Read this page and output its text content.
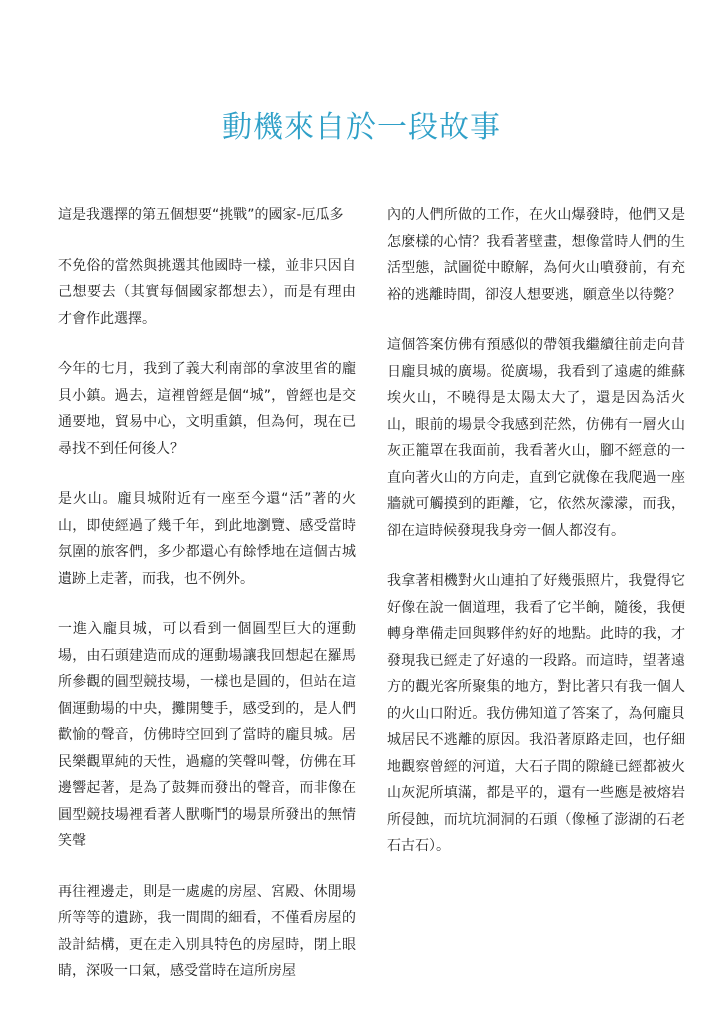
動機來自於一段故事

這是我選擇的第五個想要“挑戰”的國家-厄瓜多

不免俗的當然與挑選其他國時一樣，並非只因自己想要去（其實每個國家都想去），而是有理由才會作此選擇。

今年的七月，我到了義大利南部的拿波里省的龐貝小鎮。過去，這裡曾經是個“城”，曾經也是交通要地，貿易中心，文明重鎮，但為何，現在已尋找不到任何後人？

是火山。龐貝城附近有一座至今還“活”著的火山，即使經過了幾千年，到此地瀏覽、感受當時氛圍的旅客們，多少都還心有餘悸地在這個古城遺跡上走著，而我，也不例外。

一進入龐貝城，可以看到一個圓型巨大的運動場，由石頭建造而成的運動場讓我回想起在羅馬所參觀的圓型競技場，一樣也是圓的，但站在這個運動場的中央，攤開雙手，感受到的，是人們歡愉的聲音，仿佛時空回到了當時的龐貝城。居民樂觀單純的天性，過癮的笑聲叫聲，仿佛在耳邊響起著，是為了鼓舞而發出的聲音，而非像在圓型競技場裡看著人獸嘶鬥的場景所發出的無情笑聲

再往裡邊走，則是一處處的房屋、宮殿、休閒場所等等的遺跡，我一間間的細看，不僅看房屋的設計結構，更在走入別具特色的房屋時，閉上眼睛，深吸一口氣，感受當時在這所房屋

內的人們所做的工作，在火山爆發時，他們又是怎麼樣的心情？我看著壁畫，想像當時人們的生活型態，試圖從中瞭解，為何火山噴發前，有充裕的逃離時間，卻沒人想要逃，願意坐以待斃？

這個答案仿佛有預感似的帶領我繼續往前走向昔日龐貝城的廣場。從廣場，我看到了遠處的維蘇埃火山，不曉得是太陽太大了，還是因為活火山，眼前的場景令我感到茫然，仿佛有一層火山灰正籠罩在我面前，我看著火山，腳不經意的一直向著火山的方向走，直到它就像在我爬過一座牆就可觸摸到的距離，它，依然灰濛濛，而我，卻在這時候發現我身旁一個人都沒有。

我拿著相機對火山連拍了好幾張照片，我覺得它好像在說一個道理，我看了它半餉，隨後，我便轉身準備走回與夥伴約好的地點。此時的我，才發現我已經走了好遠的一段路。而這時，望著遠方的觀光客所聚集的地方，對比著只有我一個人的火山口附近。我仿佛知道了答案了，為何龐貝城居民不逃離的原因。我沿著原路走回，也仔細地觀察曾經的河道，大石子間的隙縫已經都被火山灰泥所填滿，都是平的，還有一些應是被熔岩所侵蝕，而坑坑洞洞的石頭（像極了澎湖的石老石古石）。
